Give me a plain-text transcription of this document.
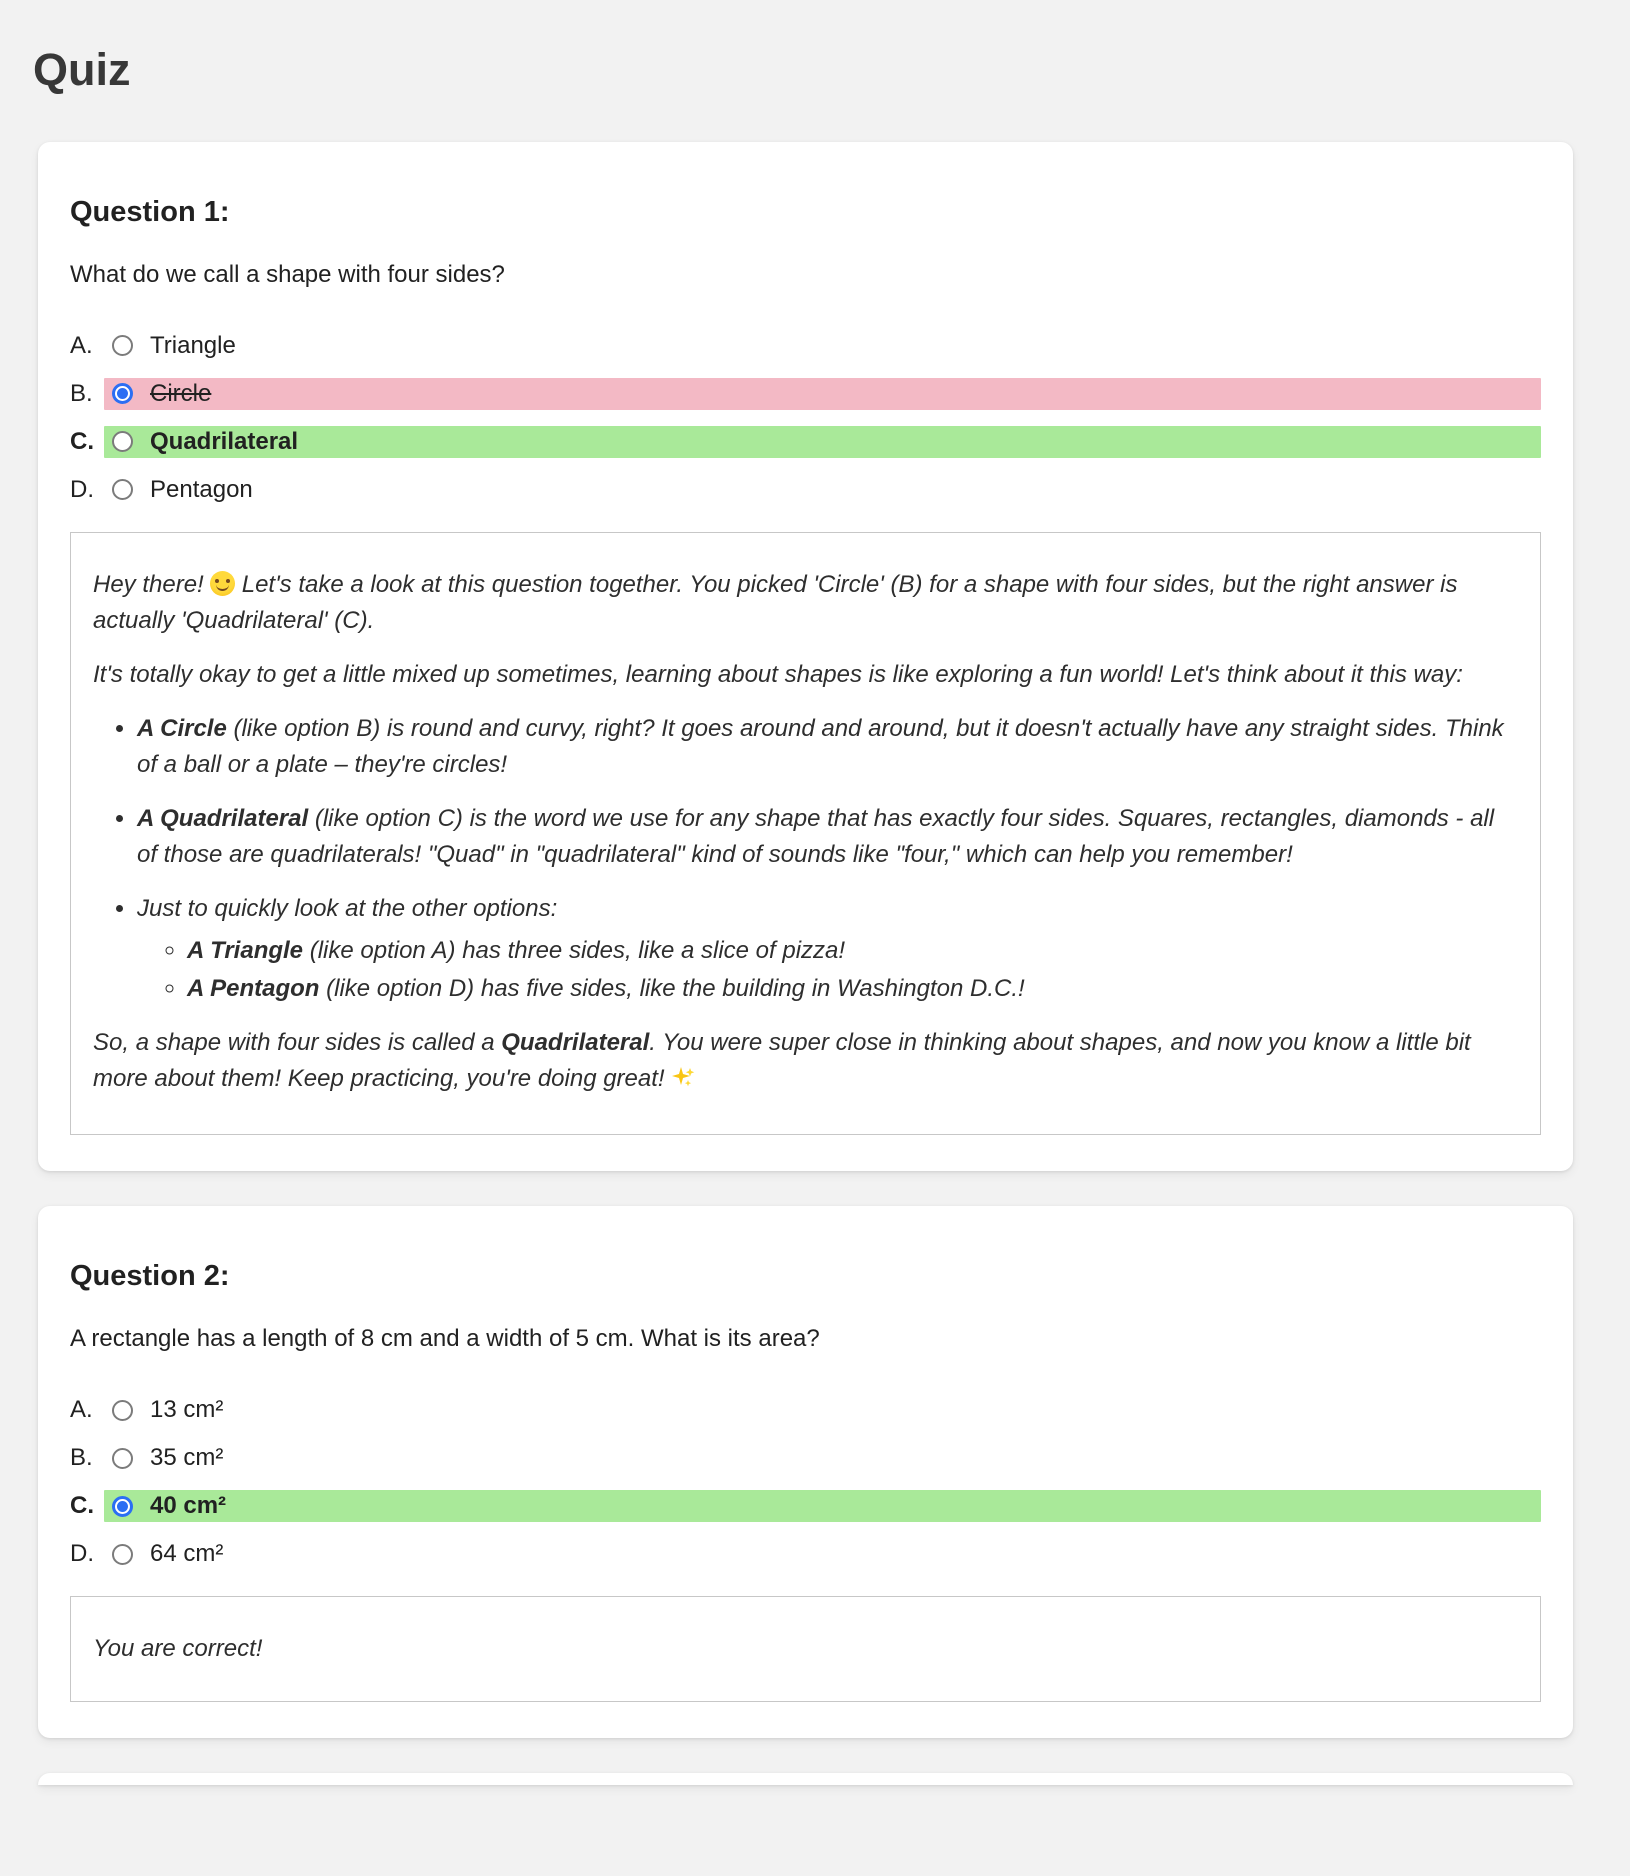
Quiz
Question 1:

What do we call a shape with four sides?

A.	Triangle
B.	Circle
C.	Quadrilateral
D.	Pentagon

Hey there! Let's take a look at this question together. You picked 'Circle' (B) for a shape with four sides, but the right answer is actually 'Quadrilateral' (C).

It's totally okay to get a little mixed up sometimes, learning about shapes is like exploring a fun world! Let's think about it this way:

• A Circle (like option B) is round and curvy, right? It goes around and around, but it doesn't actually have any straight sides. Think of a ball or a plate – they're circles!
• A Quadrilateral (like option C) is the word we use for any shape that has exactly four sides. Squares, rectangles, diamonds - all of those are quadrilaterals! "Quad" in "quadrilateral" kind of sounds like "four," which can help you remember!
• Just to quickly look at the other options:
◦ A Triangle (like option A) has three sides, like a slice of pizza!
◦ A Pentagon (like option D) has five sides, like the building in Washington D.C.!

So, a shape with four sides is called a Quadrilateral. You were super close in thinking about shapes, and now you know a little bit more about them! Keep practicing, you're doing great!

Question 2:

A rectangle has a length of 8 cm and a width of 5 cm. What is its area?

A.	13 cm²
B.	35 cm²
C.	40 cm²
D.	64 cm²

You are correct!
